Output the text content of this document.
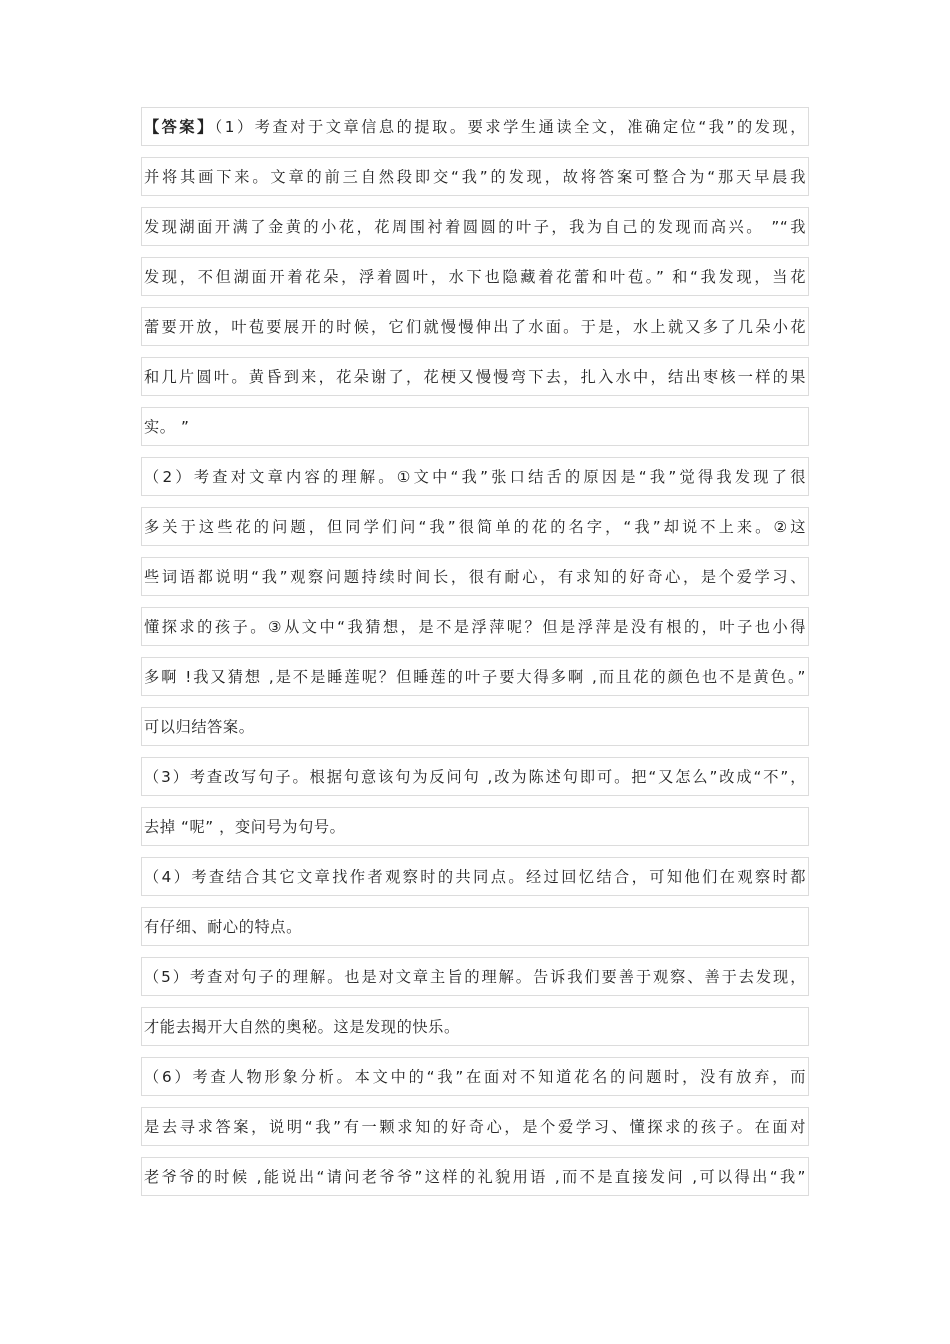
【答案】（1）考查对于文章信息的提取。要求学生通读全文，准确定位“我”的发现，
并将其画下来。文章的前三自然段即交“我”的发现，故将答案可整合为“那天早晨我
发现湖面开满了金黄的小花，花周围衬着圆圆的叶子，我为自己的发现而高兴。 ”“我
发现，不但湖面开着花朵，浮着圆叶，水下也隐藏着花蕾和叶苞。” 和“我发现，当花
蕾要开放，叶苞要展开的时候，它们就慢慢伸出了水面。于是，水上就又多了几朵小花
和几片圆叶。黄昏到来，花朵谢了，花梗又慢慢弯下去，扎入水中，结出枣核一样的果
实。 ”
（2）考查对文章内容的理解。①文中“我”张口结舌的原因是“我”觉得我发现了很
多关于这些花的问题，但同学们问“我”很简单的花的名字，“我”却说不上来。②这
些词语都说明“我”观察问题持续时间长，很有耐心，有求知的好奇心，是个爱学习、
懂探求的孩子。③从文中“我猜想，是不是浮萍呢？但是浮萍是没有根的，叶子也小得
多啊 !我又猜想 ,是不是睡莲呢？但睡莲的叶子要大得多啊 ,而且花的颜色也不是黄色。”
可以归结答案。
（3）考查改写句子。根据句意该句为反问句 ,改为陈述句即可。把“又怎么”改成“不”，
去掉 “呢” ，变问号为句号。
（4）考查结合其它文章找作者观察时的共同点。经过回忆结合，可知他们在观察时都
有仔细、耐心的特点。
（5）考查对句子的理解。也是对文章主旨的理解。告诉我们要善于观察、善于去发现，
才能去揭开大自然的奥秘。这是发现的快乐。
（6）考查人物形象分析。本文中的“我”在面对不知道花名的问题时，没有放弃，而
是去寻求答案，说明“我”有一颗求知的好奇心，是个爱学习、懂探求的孩子。在面对
老爷爷的时候 ,能说出“请问老爷爷”这样的礼貌用语 ,而不是直接发问 ,可以得出“我”
